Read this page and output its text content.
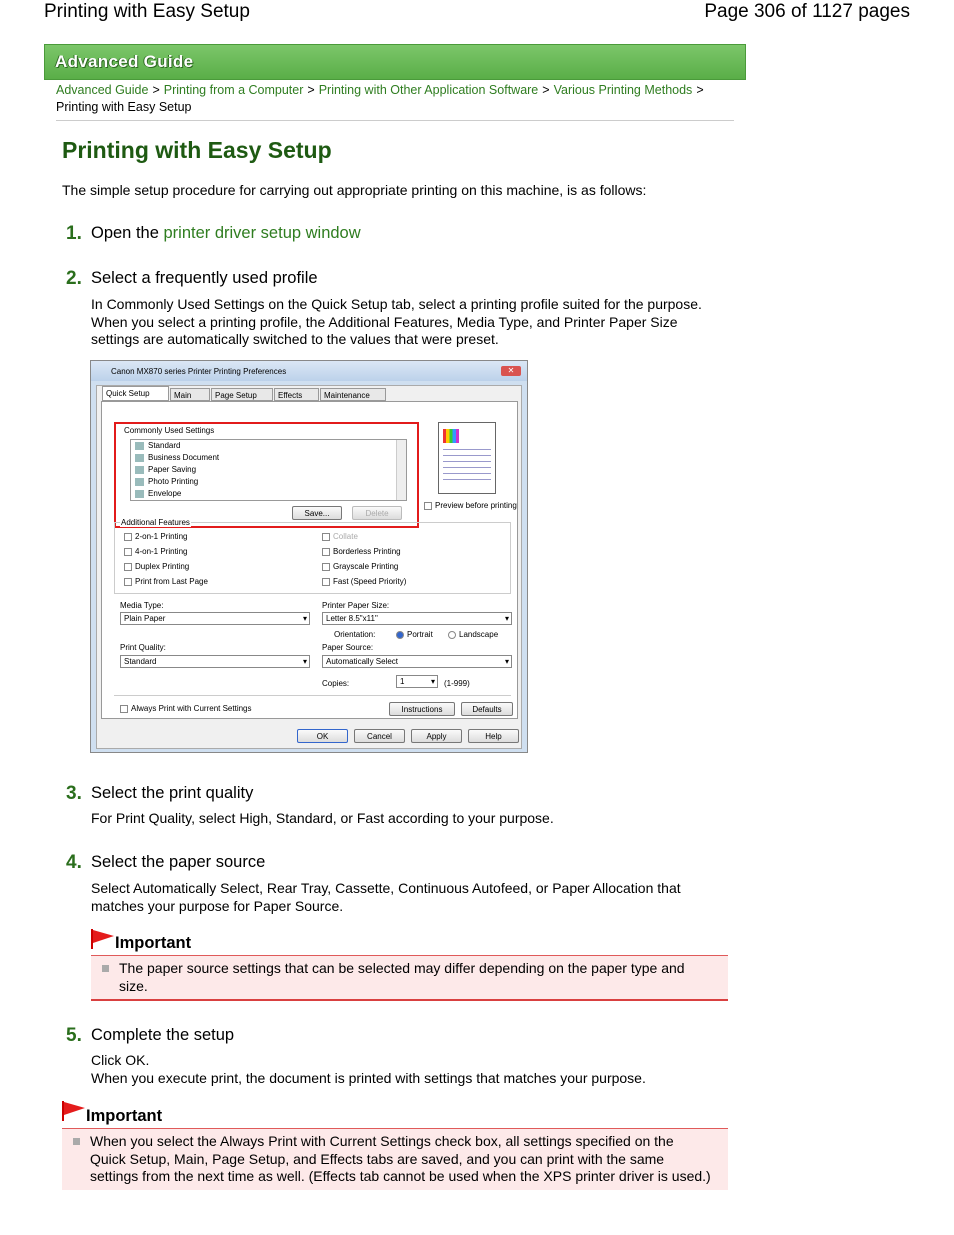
Printing with Easy Setup	Page 306 of 1127 pages
Advanced Guide
Advanced Guide > Printing from a Computer > Printing with Other Application Software > Various Printing Methods >
Printing with Easy Setup
Printing with Easy Setup
The simple setup procedure for carrying out appropriate printing on this machine, is as follows:
1. Open the printer driver setup window
2. Select a frequently used profile
In Commonly Used Settings on the Quick Setup tab, select a printing profile suited for the purpose.
When you select a printing profile, the Additional Features, Media Type, and Printer Paper Size
settings are automatically switched to the values that were preset.
Canon MX870 series Printer Printing Preferences	✕
Quick Setup	Main	Page Setup	Effects	Maintenance
Commonly Used Settings
Standard
Business Document
Paper Saving
Photo Printing
Envelope
Save...	Delete
Preview before printing
Additional Features
2-on-1 Printing
4-on-1 Printing
Duplex Printing
Print from Last Page
Collate
Borderless Printing
Grayscale Printing
Fast (Speed Priority)
Media Type:
Plain Paper ▾
Printer Paper Size:
Letter 8.5"x11" ▾
Orientation:	Portrait	Landscape
Print Quality:
Standard ▾
Paper Source:
Automatically Select ▾
Copies:	1 ▾	(1-999)
Always Print with Current Settings	Instructions	Defaults
OK	Cancel	Apply	Help
3. Select the print quality
For Print Quality, select High, Standard, or Fast according to your purpose.
4. Select the paper source
Select Automatically Select, Rear Tray, Cassette, Continuous Autofeed, or Paper Allocation that
matches your purpose for Paper Source.
Important
The paper source settings that can be selected may differ depending on the paper type and
size.
5. Complete the setup
Click OK.
When you execute print, the document is printed with settings that matches your purpose.
Important
When you select the Always Print with Current Settings check box, all settings specified on the
Quick Setup, Main, Page Setup, and Effects tabs are saved, and you can print with the same
settings from the next time as well. (Effects tab cannot be used when the XPS printer driver is used.)
